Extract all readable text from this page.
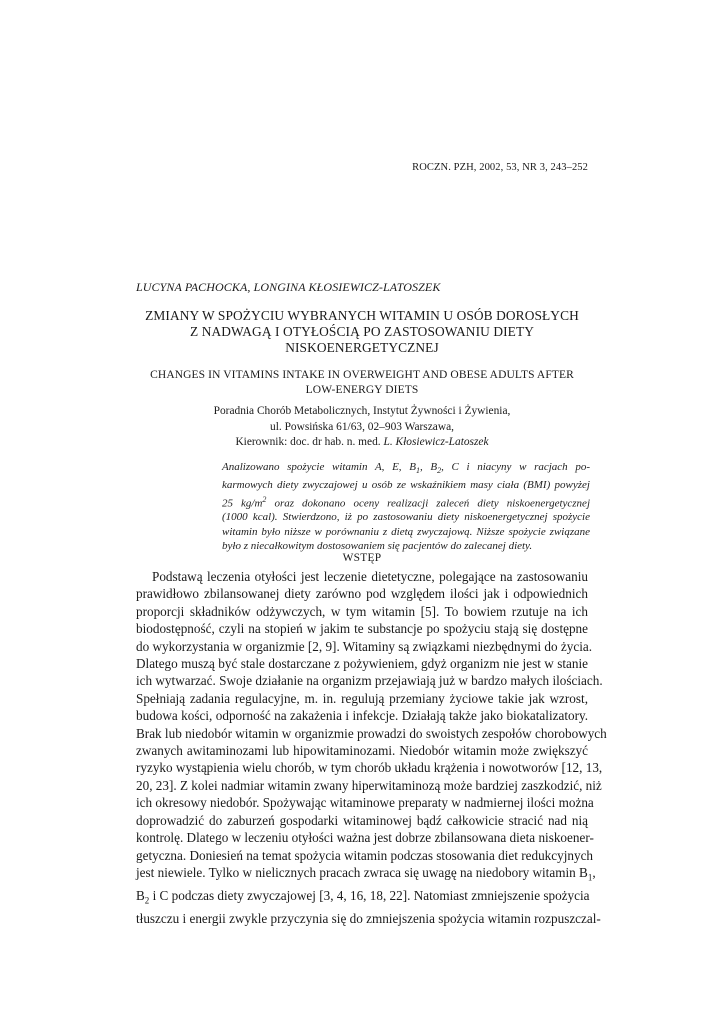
ROCZN. PZH, 2002, 53, NR 3, 243–252
LUCYNA PACHOCKA, LONGINA KŁOSIEWICZ-LATOSZEK
ZMIANY W SPOŻYCIU WYBRANYCH WITAMIN U OSÓB DOROSŁYCH
Z NADWAGĄ I OTYŁOŚCIĄ PO ZASTOSOWANIU DIETY
NISKOENERGETYCZNEJ
CHANGES IN VITAMINS INTAKE IN OVERWEIGHT AND OBESE ADULTS AFTER
LOW-ENERGY DIETS
Poradnia Chorób Metabolicznych, Instytut Żywności i Żywienia,
ul. Powsińska 61/63, 02–903 Warszawa,
Kierownik: doc. dr hab. n. med. L. Kłosiewicz-Latoszek
Analizowano spożycie witamin A, E, $B_1$, $B_2$, C i niacyny w racjach po-
karmowych diety zwyczajowej u osób ze wskaźnikiem masy ciała (BMI) powyżej
25 $kg/m^2$ oraz dokonano oceny realizacji zaleceń diety niskoenergetycznej
(1000 kcal). Stwierdzono, iż po zastosowaniu diety niskoenergetycznej spożycie
witamin było niższe w porównaniu z dietą zwyczajową. Niższe spożycie związane
było z niecałkowitym dostosowaniem się pacjentów do zalecanej diety.
WSTĘP
Podstawą leczenia otyłości jest leczenie dietetyczne, polegające na zastosowaniu
prawidłowo zbilansowanej diety zarówno pod względem ilości jak i odpowiednich
proporcji składników odżywczych, w tym witamin [5]. To bowiem rzutuje na ich
biodostępność, czyli na stopień w jakim te substancje po spożyciu stają się dostępne
do wykorzystania w organizmie [2, 9]. Witaminy są związkami niezbędnymi do życia.
Dlatego muszą być stale dostarczane z pożywieniem, gdyż organizm nie jest w stanie
ich wytwarzać. Swoje działanie na organizm przejawiają już w bardzo małych ilościach.
Spełniają zadania regulacyjne, m. in. regulują przemiany życiowe takie jak wzrost,
budowa kości, odporność na zakażenia i infekcje. Działają także jako biokatalizatory.
Brak lub niedobór witamin w organizmie prowadzi do swoistych zespołów chorobowych
zwanych awitaminozami lub hipowitaminozami. Niedobór witamin może zwiększyć
ryzyko wystąpienia wielu chorób, w tym chorób układu krążenia i nowotworów [12, 13,
20, 23]. Z kolei nadmiar witamin zwany hiperwitaminozą może bardziej zaszkodzić, niż
ich okresowy niedobór. Spożywając witaminowe preparaty w nadmiernej ilości można
doprowadzić do zaburzeń gospodarki witaminowej bądź całkowicie stracić nad nią
kontrolę. Dlatego w leczeniu otyłości ważna jest dobrze zbilansowana dieta niskoener-
getyczna. Doniesień na temat spożycia witamin podczas stosowania diet redukcyjnych
jest niewiele. Tylko w nielicznych pracach zwraca się uwagę na niedobory witamin $B_1$,
$B_2$ i C podczas diety zwyczajowej [3, 4, 16, 18, 22]. Natomiast zmniejszenie spożycia
tłuszczu i energii zwykle przyczynia się do zmniejszenia spożycia witamin rozpuszczal-
